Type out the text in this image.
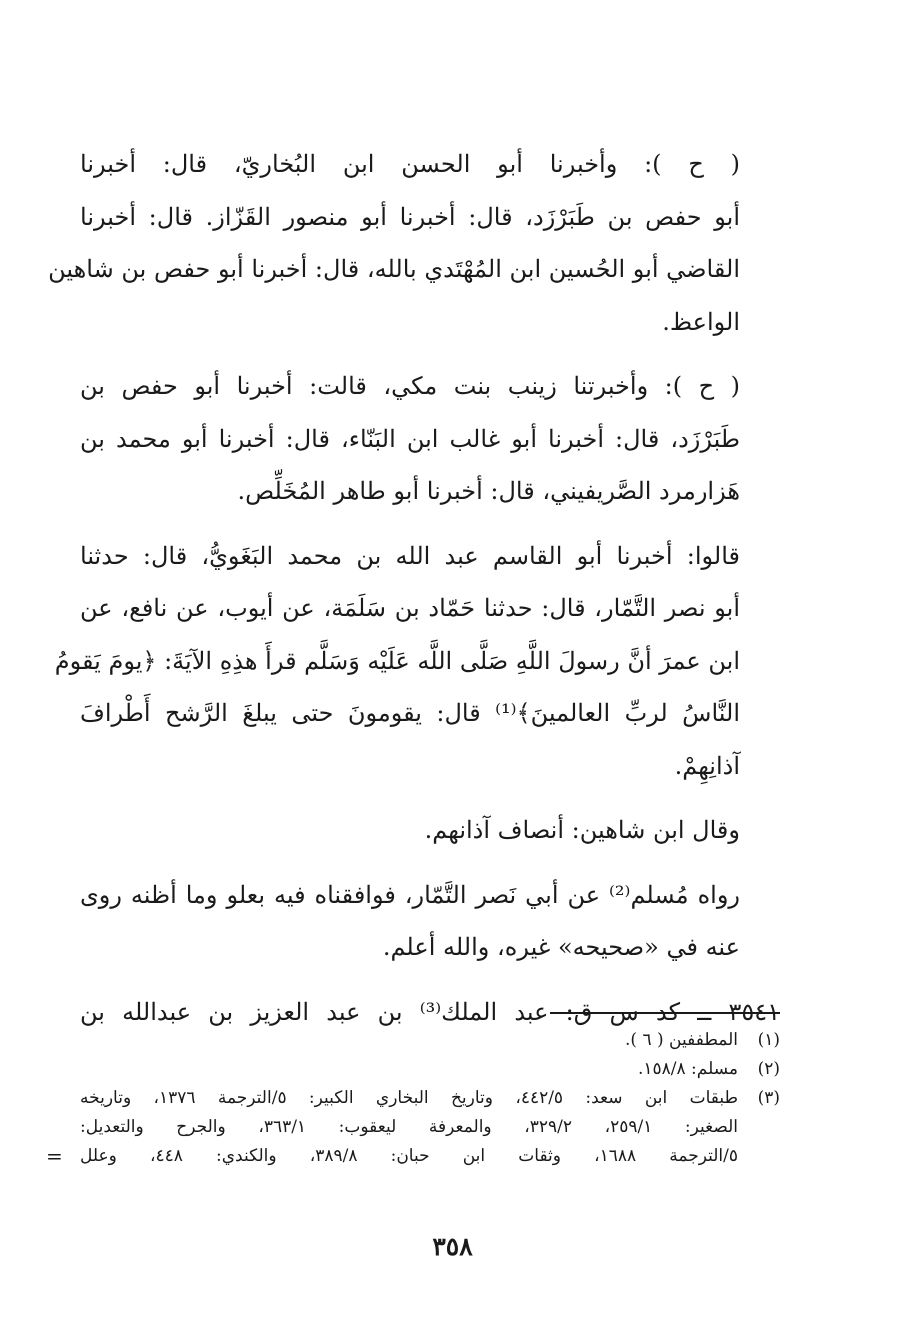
( ح ): وأخبرنا أبو الحسن ابن البُخاريّ، قال: أخبرنا
أبو حفص بن طَبَرْزَد، قال: أخبرنا أبو منصور القَزّاز. قال: أخبرنا
القاضي أبو الحُسين ابن المُهْتَدي بالله، قال: أخبرنا أبو حفص بن شاهين
الواعظ.

( ح ): وأخبرتنا زينب بنت مكي، قالت: أخبرنا أبو حفص بن
طَبَرْزَد، قال: أخبرنا أبو غالب ابن البَنّاء، قال: أخبرنا أبو محمد بن
هَزارمرد الصَّريفيني، قال: أخبرنا أبو طاهر المُخَلِّص.

قالوا: أخبرنا أبو القاسم عبد الله بن محمد البَغَويُّ، قال: حدثنا
أبو نصر التَّمّار، قال: حدثنا حَمّاد بن سَلَمَة، عن أيوب، عن نافع، عن
ابن عمرَ أنَّ رسولَ اللَّهِ صَلَّى اللَّه عَلَيْه وَسَلَّم قرأَ هذِهِ الآيَةَ: ﴿يومَ يَقومُ
النَّاسُ لربِّ العالمينَ﴾⁽¹⁾ قال: يقومونَ حتى يبلغَ الرَّشح أَطْرافَ
آذانِهِمْ.

وقال ابن شاهين: أنصاف آذانهم.

رواه مُسلم⁽²⁾ عن أبي نَصر التَّمّار، فوافقناه فيه بعلو وما أظنه روى
عنه في «صحيحه» غيره، والله أعلم.

٣٥٤١ ــ كد س ق: عبد الملك⁽³⁾ بن عبد العزيز بن عبدالله بن

(١)
المطففين ( ٦ ).
(٢)
مسلم: ١٥٨/٨.
(٣)
طبقات ابن سعد: ٤٤٢/٥، وتاريخ البخاري الكبير: ٥/الترجمة ١٣٧٦، وتاريخه
الصغير: ٢٥٩/١، ٣٢٩/٢، والمعرفة ليعقوب: ٣٦٣/١، والجرح والتعديل:
٥/الترجمة ١٦٨٨، وثقات ابن حبان: ٣٨٩/٨، والكندي: ٤٤٨، وعلل
=
٣٥٨
